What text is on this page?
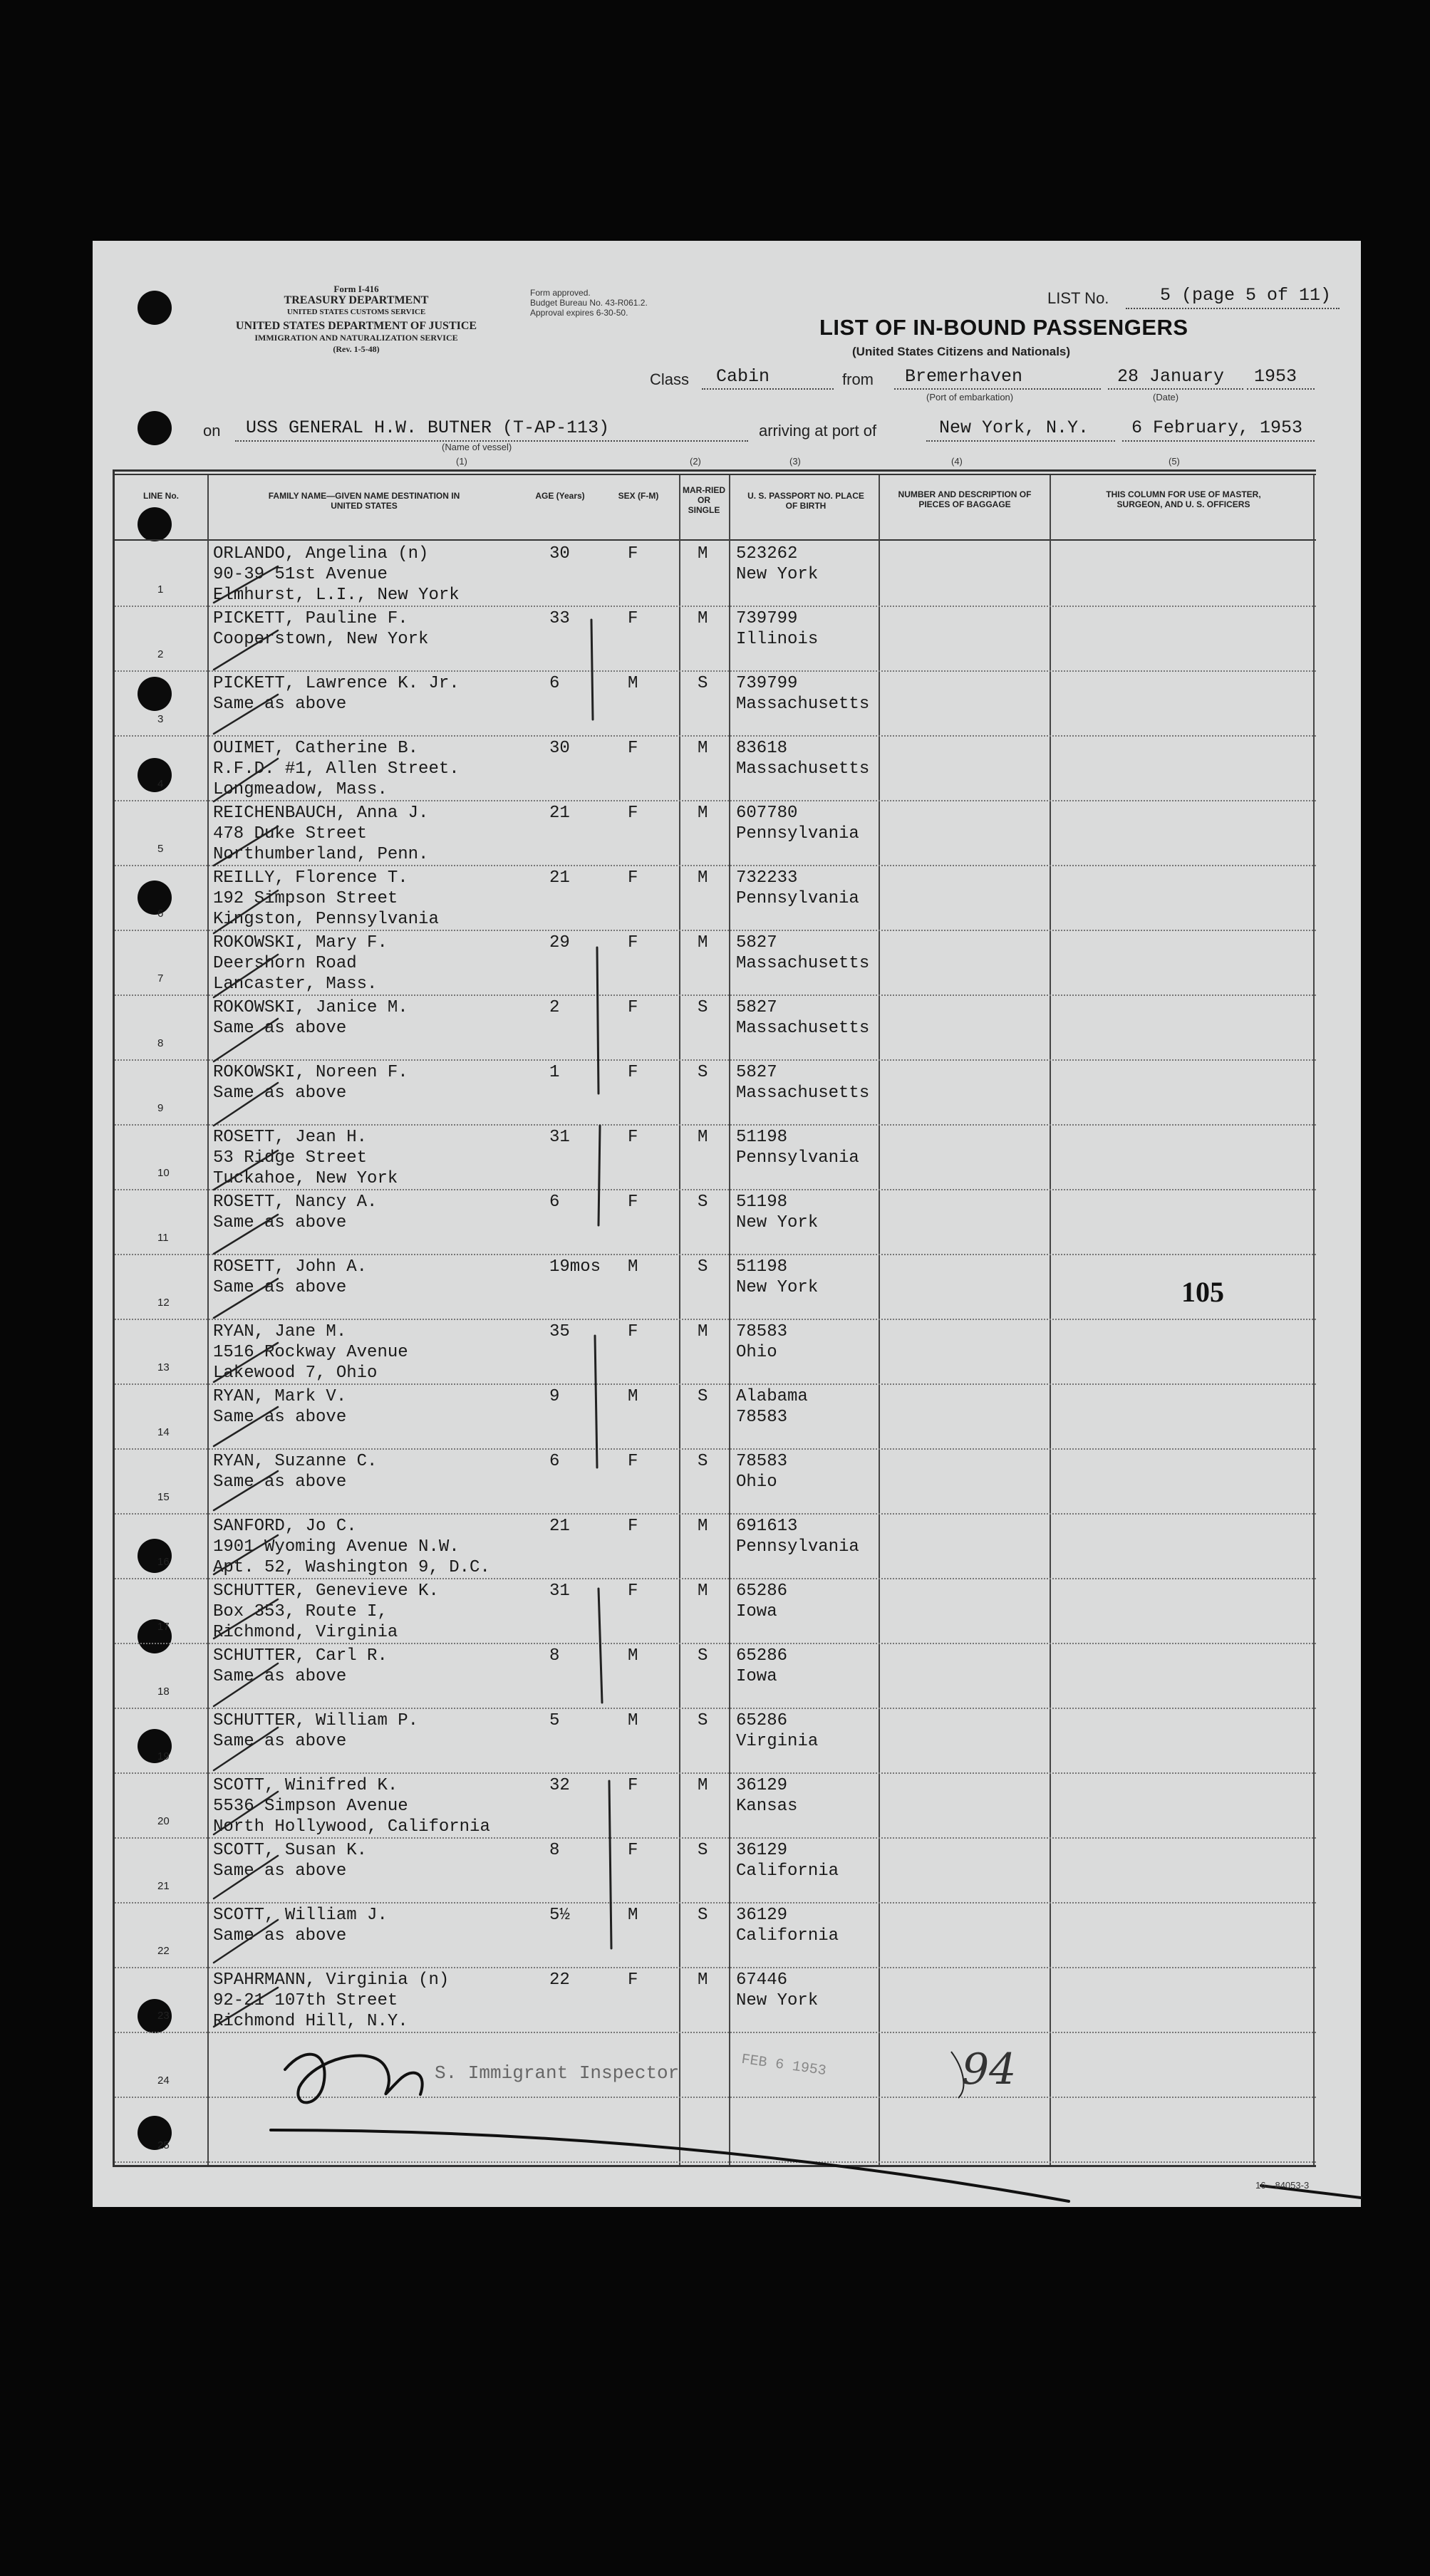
Form I-416
TREASURY DEPARTMENT
UNITED STATES CUSTOMS SERVICE
UNITED STATES DEPARTMENT OF JUSTICE
IMMIGRATION AND NATURALIZATION SERVICE
(Rev. 1-5-48)
Form approved.
Budget Bureau No. 43-R061.2.
Approval expires 6-30-50.
LIST No.	5 (page 5 of 11)
LIST OF IN-BOUND PASSENGERS
(United States Citizens and Nationals)
Class Cabin	from Bremerhaven
(Port of embarkation)
28 January 1953
(Date)
on USS GENERAL H.W. BUTNER (T-AP-113)
(Name of vessel)
arriving at port of	New York, N.Y. 6 February, 1953
(1)	(2)	(3)	(4)	(5)
LINE No.	FAMILY NAME—GIVEN NAME DESTINATION IN UNITED STATES
AGE (Years)	SEX (F-M)
MAR-RIED OR SINGLE
U. S. PASSPORT NO. PLACE OF BIRTH
NUMBER AND DESCRIPTION OF PIECES OF BAGGAGE
THIS COLUMN FOR USE OF MASTER, SURGEON, AND U. S. OFFICERS
1
ORLANDO, Angelina (n)
90-39 51st Avenue
Elmhurst, L.I., New York
30	F	M 523262
New York
2
PICKETT, Pauline F.
Cooperstown, New York
33	F	M 739799
Illinois
3
PICKETT, Lawrence K. Jr.
Same as above
6	M	S 739799
Massachusetts
4
OUIMET, Catherine B.
R.F.D. #1, Allen Street.
Longmeadow, Mass.
30	F	M 83618
Massachusetts
5
REICHENBAUCH, Anna J.
478 Duke Street
Northumberland, Penn.
21	F	M 607780
Pennsylvania
6
REILLY, Florence T.
192 Simpson Street
Kingston, Pennsylvania
21	F	M 732233
Pennsylvania
7
ROKOWSKI, Mary F.
Deershorn Road
Lancaster, Mass.
29	F	M 5827
Massachusetts
8
ROKOWSKI, Janice M.
Same as above
2	F	S 5827
Massachusetts
9
ROKOWSKI, Noreen F.
Same as above
1	F	S 5827
Massachusetts
10
ROSETT, Jean H.
53 Ridge Street
Tuckahoe, New York
31	F	M 51198
Pennsylvania
11
ROSETT, Nancy A.
Same as above
6	F	S 51198
New York
12
ROSETT, John A.
Same as above
19mos M	S 51198
New York
13
RYAN, Jane M.
1516 Rockway Avenue
Lakewood 7, Ohio
35	F	M 78583
Ohio
14
RYAN, Mark V.
Same as above
9	M	S Alabama
78583
15
RYAN, Suzanne C.
Same as above
6	F	S 78583
Ohio
16
SANFORD, Jo C.
1901 Wyoming Avenue N.W.
Apt. 52, Washington 9, D.C.
21	F	M 691613
Pennsylvania
17
SCHUTTER, Genevieve K.
Box 353, Route I,
Richmond, Virginia
31	F	M 65286
Iowa
18
SCHUTTER, Carl R.
Same as above
8	M	S 65286
Iowa
19
SCHUTTER, William P.
Same as above
5	M	S 65286
Virginia
20
SCOTT, Winifred K.
5536 Simpson Avenue
North Hollywood, California
32	F	M 36129
Kansas
21
SCOTT, Susan K.
Same as above
8	F	S 36129
California
22
SCOTT, William J.
Same as above
5½	M	S 36129
California
23
SPAHRMANN, Virginia (n)
92-21 107th Street
Richmond Hill, N.Y.
22	F	M 67446
New York
24
25
105
S. Immigrant Inspector	FEB 6 1953	94
16—84053-3
